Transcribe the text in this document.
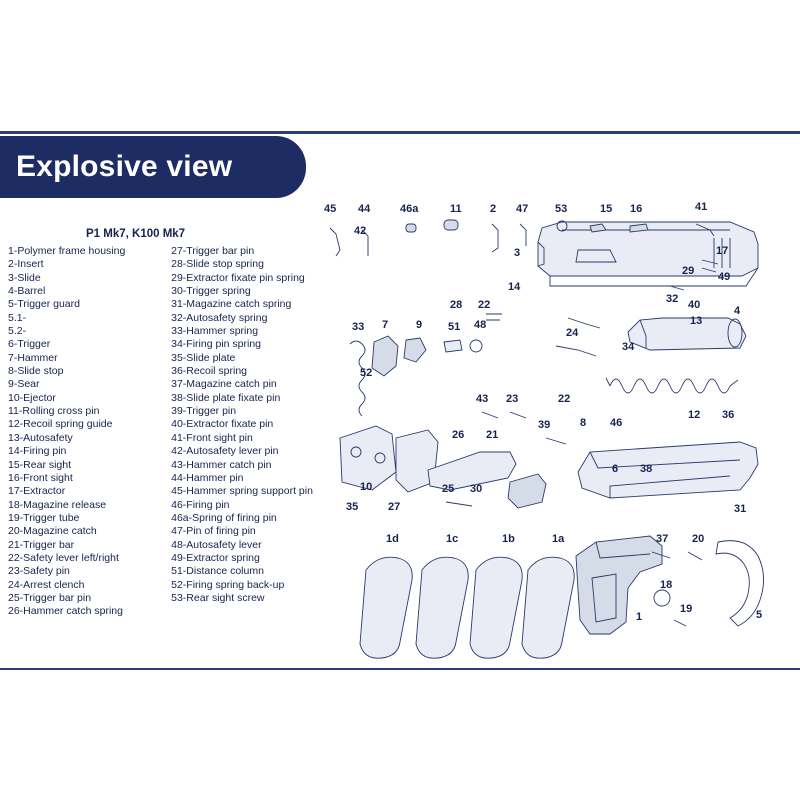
Explosive view
P1 Mk7, K100 Mk7
1-Polymer frame housing
2-Insert
3-Slide
4-Barrel
5-Trigger guard
5.1-
5.2-
6-Trigger
7-Hammer
8-Slide stop
9-Sear
10-Ejector
11-Rolling cross pin
12-Recoil spring guide
13-Autosafety
14-Firing pin
15-Rear sight
16-Front sight
17-Extractor
18-Magazine release
19-Trigger tube
20-Magazine catch
21-Trigger bar
22-Safety lever left/right
23-Safety pin
24-Arrest clench
25-Trigger bar pin
26-Hammer catch spring
27-Trigger bar pin
28-Slide stop spring
29-Extractor fixate pin spring
30-Trigger spring
31-Magazine catch spring
32-Autosafety spring
33-Hammer spring
34-Firing pin spring
35-Slide plate
36-Recoil spring
37-Magazine catch pin
38-Slide plate fixate pin
39-Trigger pin
40-Extractor fixate pin
41-Front sight pin
42-Autosafety lever pin
43-Hammer catch pin
44-Hammer pin
45-Hammer spring support pin
46-Firing pin
46a-Spring of firing pin
47-Pin of firing pin
48-Autosafety lever
49-Extractor spring
51-Distance column
52-Firing spring back-up
53-Rear sight screw
45 44	46a	11	2 47 53	15 16	41
42
3	17
29 49
14
28 22	32 40	4
33 7	9 51 48
24
13
34
52
43 23	22
39	8 46
12 36
26 21
6 38
10	25 30
35	27	31
1d	1c	1b	1a	37 20
18
19
1	5
